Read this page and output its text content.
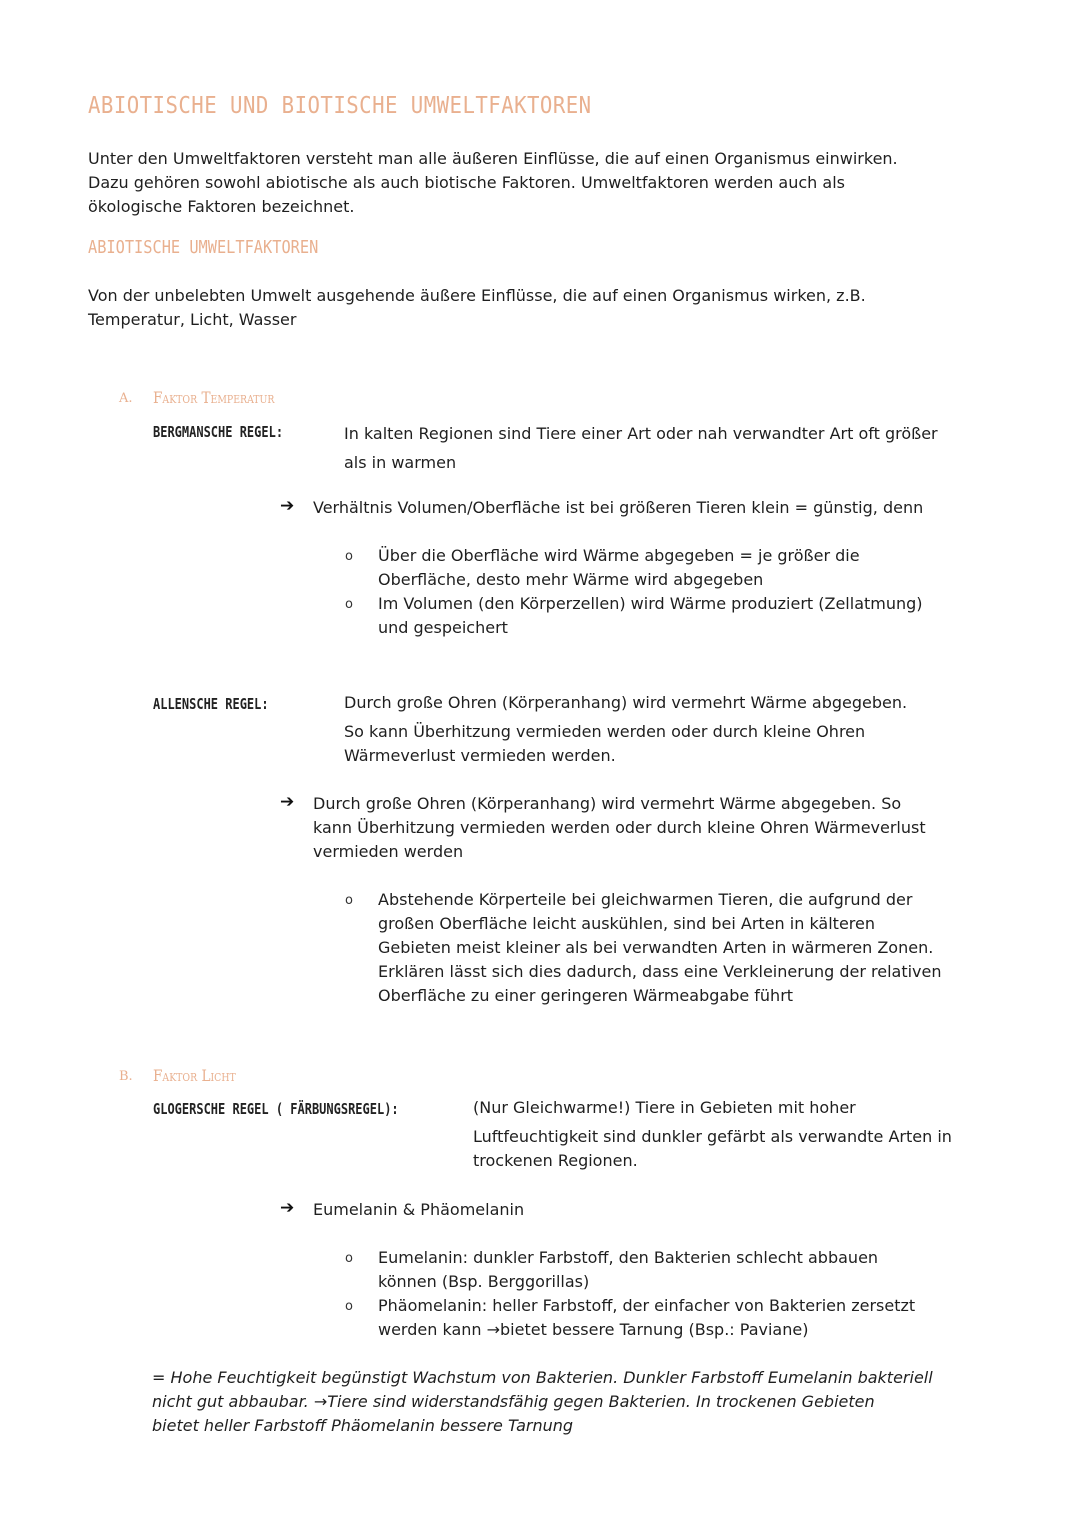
ABIOTISCHE UND BIOTISCHE UMWELTFAKTOREN
Unter den Umweltfaktoren versteht man alle äußeren Einflüsse, die auf einen Organismus einwirken.
Dazu gehören sowohl abiotische als auch biotische Faktoren. Umweltfaktoren werden auch als
ökologische Faktoren bezeichnet.
ABIOTISCHE UMWELTFAKTOREN
Von der unbelebten Umwelt ausgehende äußere Einflüsse, die auf einen Organismus wirken, z.B.
Temperatur, Licht, Wasser
A. Faktor Temperatur
BERGMANSCHE REGEL:	In kalten Regionen sind Tiere einer Art oder nah verwandter Art oft größer
als in warmen
➔ Verhältnis Volumen/Oberfläche ist bei größeren Tieren klein = günstig, denn
o Über die Oberfläche wird Wärme abgegeben = je größer die
Oberfläche, desto mehr Wärme wird abgegeben
o Im Volumen (den Körperzellen) wird Wärme produziert (Zellatmung)
und gespeichert
ALLENSCHE REGEL:	Durch große Ohren (Körperanhang) wird vermehrt Wärme abgegeben.
So kann Überhitzung vermieden werden oder durch kleine Ohren
Wärmeverlust vermieden werden.
➔ Durch große Ohren (Körperanhang) wird vermehrt Wärme abgegeben. So
kann Überhitzung vermieden werden oder durch kleine Ohren Wärmeverlust
vermieden werden
o Abstehende Körperteile bei gleichwarmen Tieren, die aufgrund der
großen Oberfläche leicht auskühlen, sind bei Arten in kälteren
Gebieten meist kleiner als bei verwandten Arten in wärmeren Zonen.
Erklären lässt sich dies dadurch, dass eine Verkleinerung der relativen
Oberfläche zu einer geringeren Wärmeabgabe führt
B. Faktor Licht
GLOGERSCHE REGEL ( FÄRBUNGSREGEL):	(Nur Gleichwarme!) Tiere in Gebieten mit hoher
Luftfeuchtigkeit sind dunkler gefärbt als verwandte Arten in
trockenen Regionen.
➔ Eumelanin & Phäomelanin
o Eumelanin: dunkler Farbstoff, den Bakterien schlecht abbauen
können (Bsp. Berggorillas)
o Phäomelanin: heller Farbstoff, der einfacher von Bakterien zersetzt
werden kann →bietet bessere Tarnung (Bsp.: Paviane)
= Hohe Feuchtigkeit begünstigt Wachstum von Bakterien. Dunkler Farbstoff Eumelanin bakteriell
nicht gut abbaubar. →Tiere sind widerstandsfähig gegen Bakterien. In trockenen Gebieten
bietet heller Farbstoff Phäomelanin bessere Tarnung
